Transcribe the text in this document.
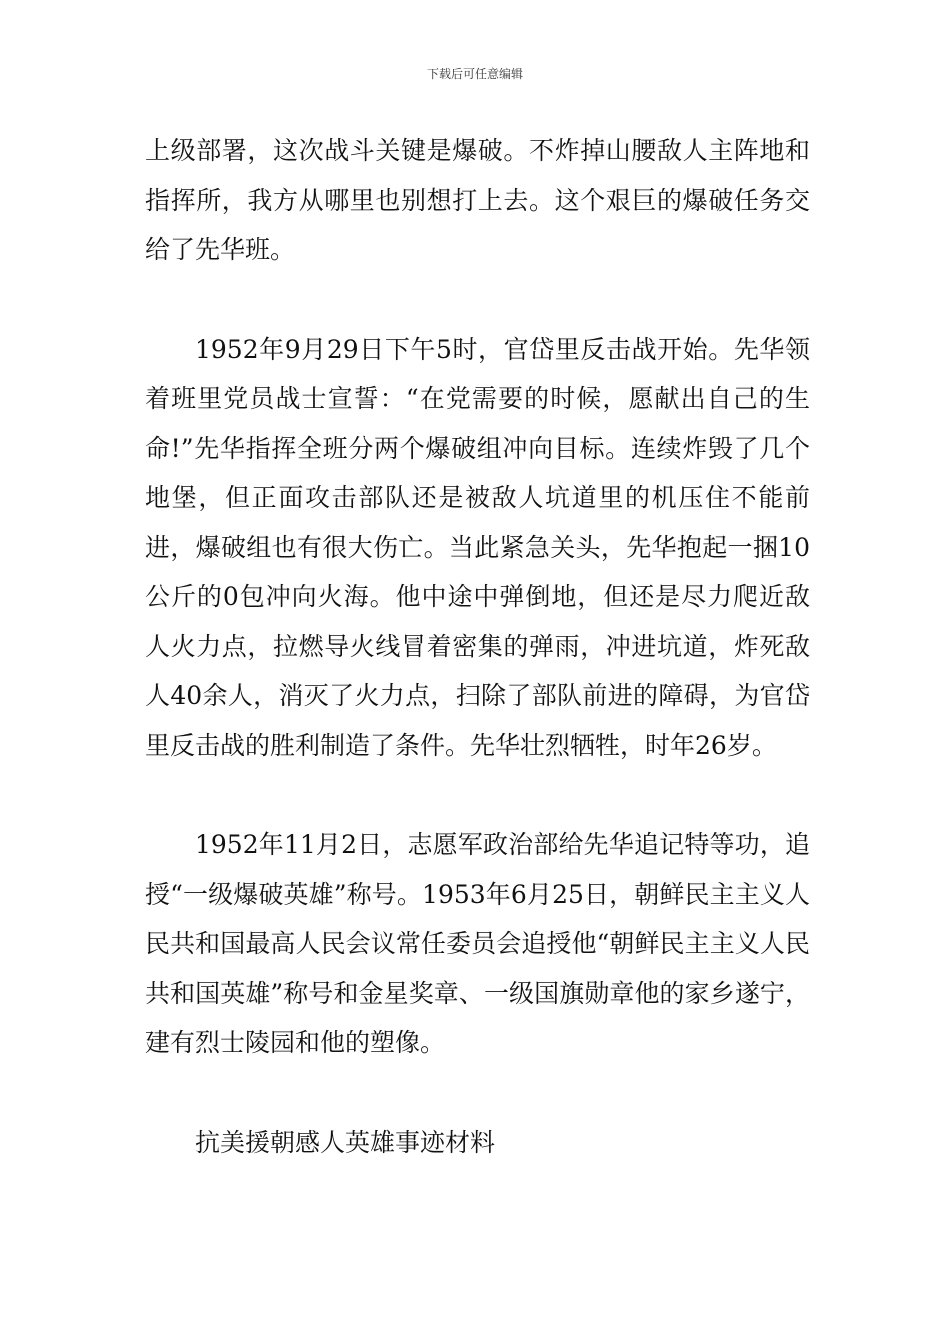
下载后可任意编辑

上级部署，这次战斗关键是爆破。不炸掉山腰敌人主阵地和指挥所，我方从哪里也别想打上去。这个艰巨的爆破任务交给了先华班。

1952年9月29日下午5时，官岱里反击战开始。先华领着班里党员战士宣誓：“在党需要的时候，愿献出自己的生命!”先华指挥全班分两个爆破组冲向目标。连续炸毁了几个地堡，但正面攻击部队还是被敌人坑道里的机压住不能前进，爆破组也有很大伤亡。当此紧急关头，先华抱起一捆10公斤的0包冲向火海。他中途中弹倒地，但还是尽力爬近敌人火力点，拉燃导火线冒着密集的弹雨，冲进坑道，炸死敌人40余人，消灭了火力点，扫除了部队前进的障碍，为官岱里反击战的胜利制造了条件。先华壮烈牺牲，时年26岁。

1952年11月2日，志愿军政治部给先华追记特等功，追授“一级爆破英雄”称号。1953年6月25日，朝鲜民主主义人民共和国最高人民会议常任委员会追授他“朝鲜民主主义人民共和国英雄”称号和金星奖章、一级国旗勋章他的家乡遂宁，建有烈士陵园和他的塑像。

抗美援朝感人英雄事迹材料
